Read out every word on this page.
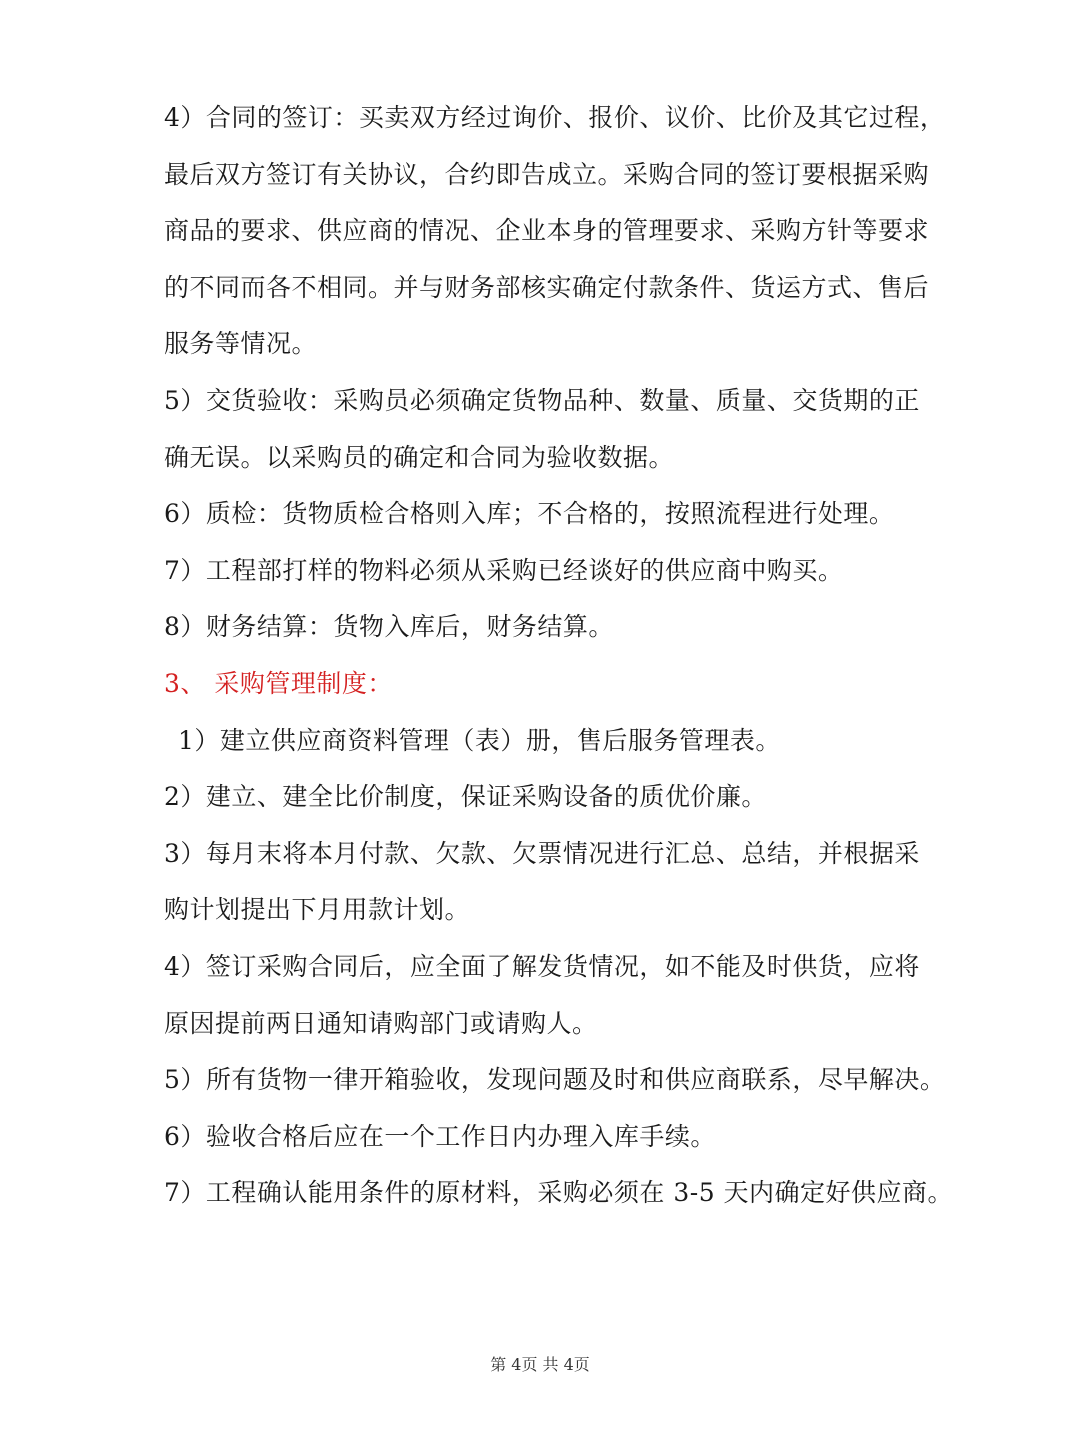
4）合同的签订：买卖双方经过询价、报价、议价、比价及其它过程，
最后双方签订有关协议，合约即告成立。采购合同的签订要根据采购
商品的要求、供应商的情况、企业本身的管理要求、采购方针等要求
的不同而各不相同。并与财务部核实确定付款条件、货运方式、售后
服务等情况。
5）交货验收：采购员必须确定货物品种、数量、质量、交货期的正
确无误。以采购员的确定和合同为验收数据。
6）质检：货物质检合格则入库；不合格的，按照流程进行处理。
7）工程部打样的物料必须从采购已经谈好的供应商中购买。
8）财务结算：货物入库后，财务结算。
3、 采购管理制度：
1）建立供应商资料管理（表）册，售后服务管理表。
2）建立、建全比价制度，保证采购设备的质优价廉。
3）每月末将本月付款、欠款、欠票情况进行汇总、总结，并根据采
购计划提出下月用款计划。
4）签订采购合同后，应全面了解发货情况，如不能及时供货，应将
原因提前两日通知请购部门或请购人。
5）所有货物一律开箱验收，发现问题及时和供应商联系，尽早解决。
6）验收合格后应在一个工作日内办理入库手续。
7）工程确认能用条件的原材料，采购必须在 3-5 天内确定好供应商。
第 4页 共 4页
